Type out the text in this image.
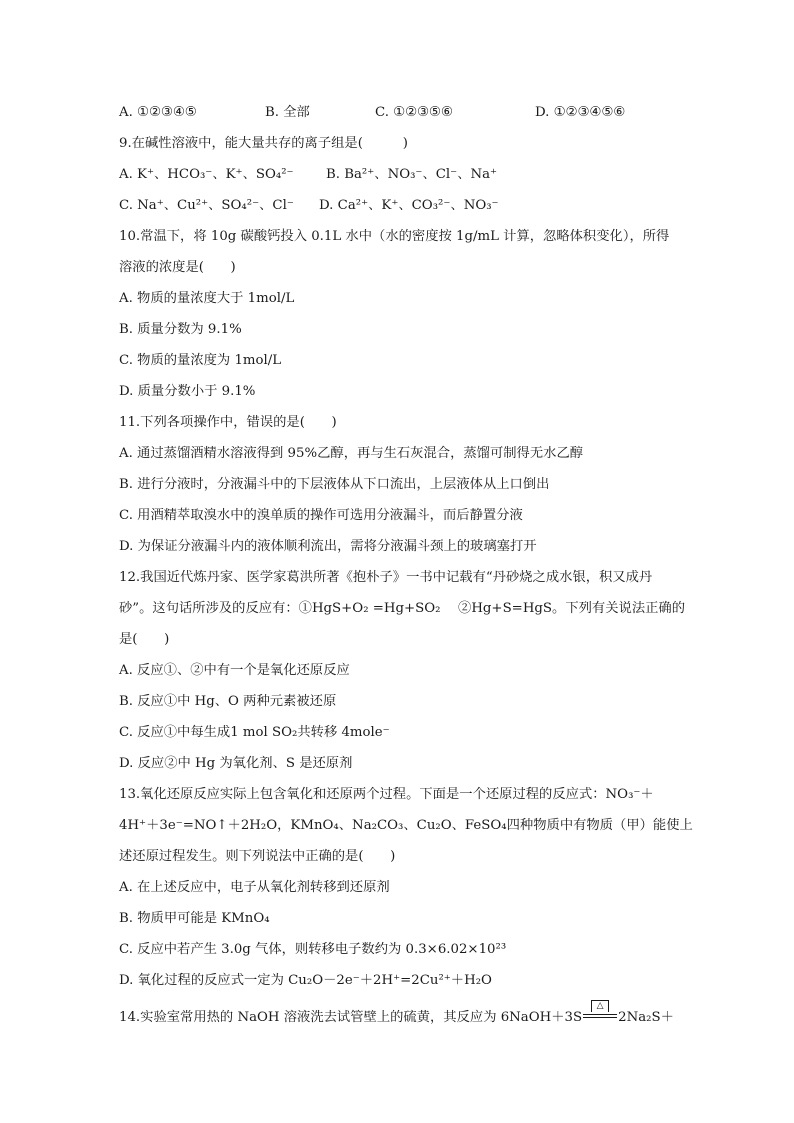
A. ①②③④⑤	B. 全部	C. ①②③⑤⑥	D. ①②③④⑤⑥
9.在碱性溶液中，能大量共存的离子组是(　　　)
A. K⁺、HCO₃⁻、K⁺、SO₄²⁻ B. Ba²⁺、NO₃⁻、Cl⁻、Na⁺
C. Na⁺、Cu²⁺、SO₄²⁻、Cl⁻ D. Ca²⁺、K⁺、CO₃²⁻、NO₃⁻
10.常温下，将 10g 碳酸钙投入 0.1L 水中（水的密度按 1g/mL 计算，忽略体积变化），所得
溶液的浓度是(　　)
A. 物质的量浓度大于 1mol/L
B. 质量分数为 9.1%
C. 物质的量浓度为 1mol/L
D. 质量分数小于 9.1%
11.下列各项操作中，错误的是(　　)
A. 通过蒸馏酒精水溶液得到 95%乙醇，再与生石灰混合，蒸馏可制得无水乙醇
B. 进行分液时，分液漏斗中的下层液体从下口流出，上层液体从上口倒出
C. 用酒精萃取溴水中的溴单质的操作可选用分液漏斗，而后静置分液
D. 为保证分液漏斗内的液体顺利流出，需将分液漏斗颈上的玻璃塞打开
12.我国近代炼丹家、医学家葛洪所著《抱朴子》一书中记载有“丹砂烧之成水银，积又成丹
砂”。这句话所涉及的反应有：①HgS+O₂ =Hg+SO₂　 ②Hg+S=HgS。下列有关说法正确的
是(　　)
A. 反应①、②中有一个是氧化还原反应
B. 反应①中 Hg、O 两种元素被还原
C. 反应①中每生成1 mol SO₂共转移 4mole⁻
D. 反应②中 Hg 为氧化剂、S 是还原剂
13.氧化还原反应实际上包含氧化和还原两个过程。下面是一个还原过程的反应式：NO₃⁻＋
4H⁺＋3e⁻=NO↑＋2H₂O，KMnO₄、Na₂CO₃、Cu₂O、FeSO₄四种物质中有物质（甲）能使上
述还原过程发生。则下列说法中正确的是(　　)
A. 在上述反应中，电子从氧化剂转移到还原剂
B. 物质甲可能是 KMnO₄
C. 反应中若产生 3.0g 气体，则转移电子数约为 0.3×6.02×10²³
D. 氧化过程的反应式一定为 Cu₂O－2e⁻＋2H⁺=2Cu²⁺＋H₂O
14.实验室常用热的 NaOH 溶液洗去试管壁上的硫黄，其反应为 6NaOH＋3S
△
2Na₂S＋
